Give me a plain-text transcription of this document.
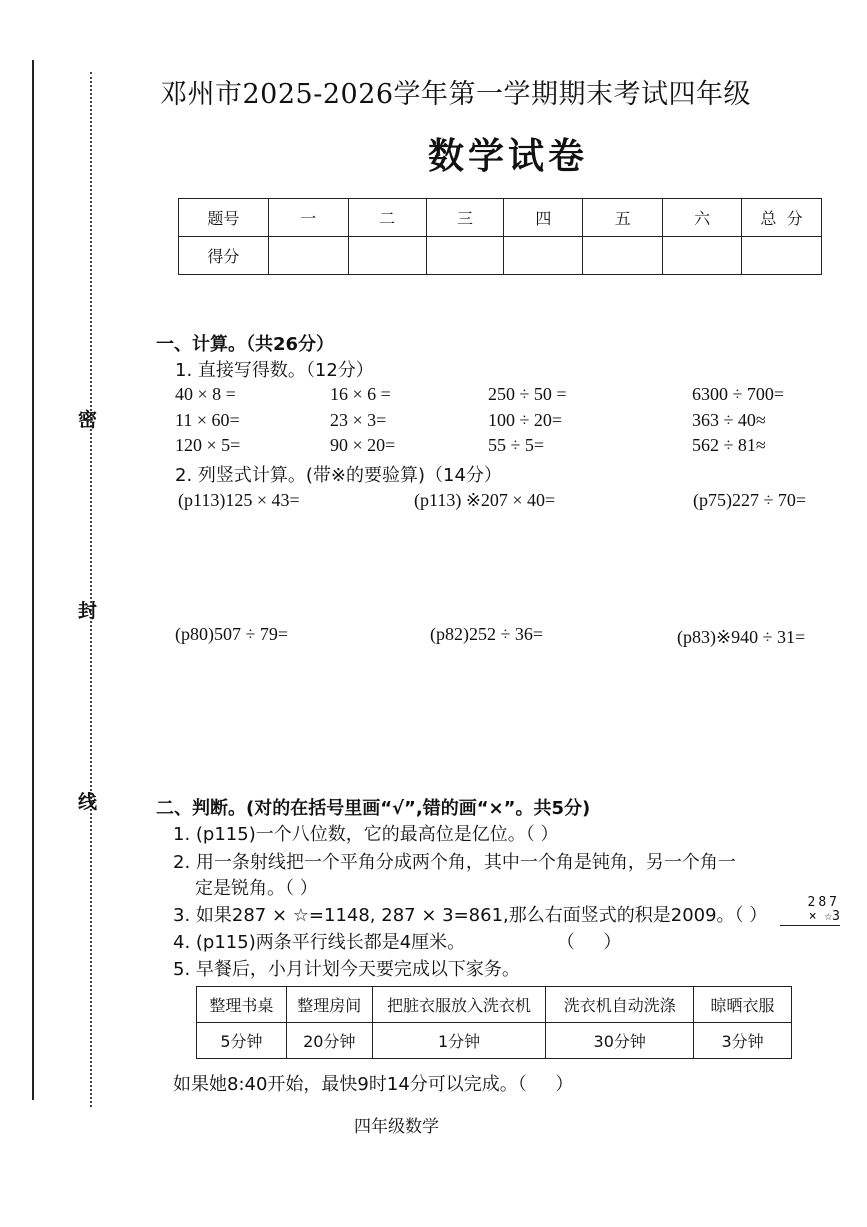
密
封
线
邓州市2025-2026学年第一学期期末考试四年级
数学试卷
题号	一	二	三	四	五	六	总  分
得分							
一、计算。（共26分）
1. 直接写得数。（12分）
40 × 8 =	16 × 6 =	250 ÷ 50 =	6300 ÷ 700=
11 × 60=	23 × 3=	100 ÷ 20=	363 ÷ 40≈
120 × 5=	90 × 20=	55 ÷ 5=	562 ÷ 81≈
2. 列竖式计算。(带※的要验算)（14分）
(p113)125 × 43=	(p113) ※207 × 40=	(p75)227 ÷ 70=
(p80)507 ÷ 79=	(p82)252 ÷ 36=	(p83)※940 ÷ 31=
二、判断。(对的在括号里画“√”,错的画“×”。共5分)
1. (p115)一个八位数，它的最高位是亿位。（ ）
2. 用一条射线把一个平角分成两个角，其中一个角是钝角，另一个角一
定是锐角。（ ）
3. 如果287 × ☆=1148, 287 × 3=861,那么右面竖式的积是2009。（ ）
287
× ☆3
4. (p115)两条平行线长都是4厘米。                （     ）
5. 早餐后，小月计划今天要完成以下家务。
整理书桌	整理房间	把脏衣服放入洗衣机	洗衣机自动洗涤	晾晒衣服
5分钟	20分钟	1分钟	30分钟	3分钟
如果她8:40开始，最快9时14分可以完成。（     ）
四年级数学
